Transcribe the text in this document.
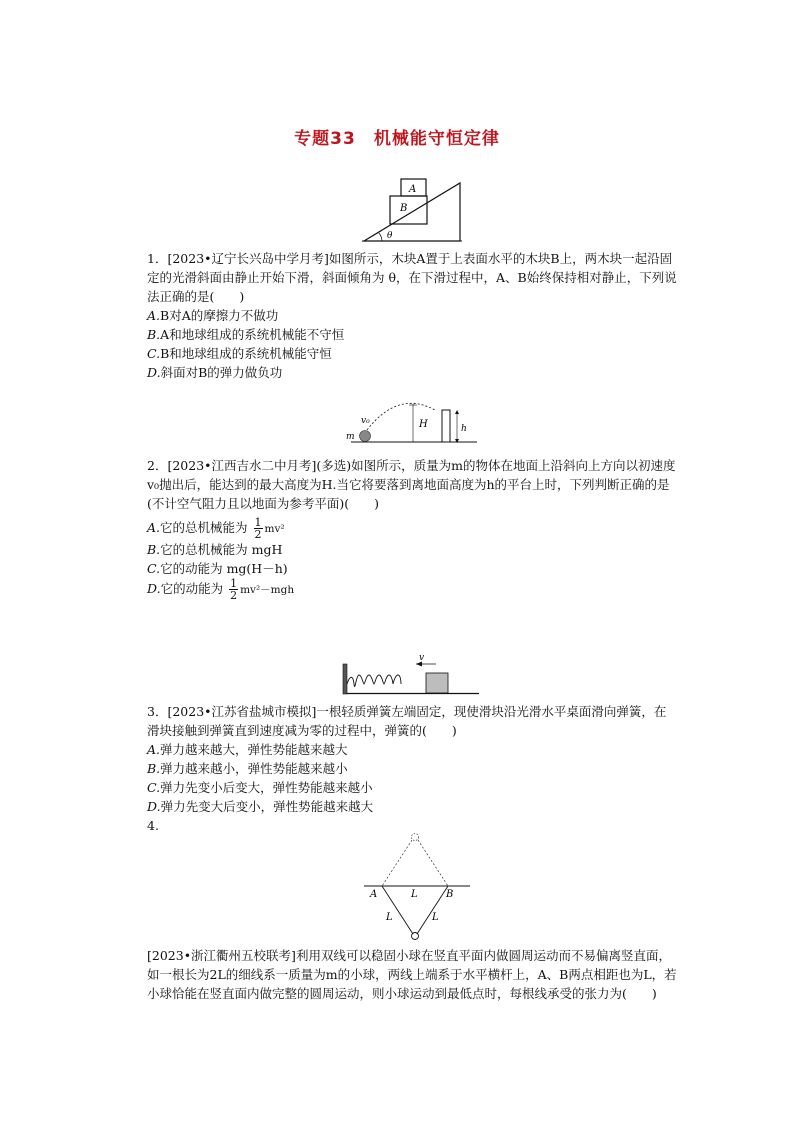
专题33　机械能守恒定律
A
B
θ
1．[2023•辽宁长兴岛中学月考]如图所示，木块A置于上表面水平的木块B上，两木块一起沿固定的光滑斜面由静止开始下滑，斜面倾角为 θ，在下滑过程中，A、B始终保持相对静止，下列说法正确的是(　　)
A.B对A的摩擦力不做功
B.A和地球组成的系统机械能不守恒
C.B和地球组成的系统机械能守恒
D.斜面对B的弹力做负功
v₀
m
H	h
2．[2023•江西吉水二中月考](多选)如图所示，质量为m的物体在地面上沿斜向上方向以初速度v₀抛出后，能达到的最大高度为H.当它将要落到离地面高度为h的平台上时，下列判断正确的是(不计空气阻力且以地面为参考平面)(　　)
A.它的总机械能为 $\frac{1}{2} mv^2$
B.它的总机械能为 mgH
C.它的动能为 mg(H－h)
D.它的动能为 $\frac{1}{2} mv^2-mgh$
v
3．[2023•江苏省盐城市模拟]一根轻质弹簧左端固定，现使滑块沿光滑水平桌面滑向弹簧，在滑块接触到弹簧直到速度减为零的过程中，弹簧的(　　)
A.弹力越来越大，弹性势能越来越大
B.弹力越来越小，弹性势能越来越小
C.弹力先变小后变大，弹性势能越来越小
D.弹力先变大后变小，弹性势能越来越大
4.
A	B
L
L	L
[2023•浙江衢州五校联考]利用双线可以稳固小球在竖直平面内做圆周运动而不易偏离竖直面，如一根长为2L的细线系一质量为m的小球，两线上端系于水平横杆上，A、B两点相距也为L，若小球恰能在竖直面内做完整的圆周运动，则小球运动到最低点时，每根线承受的张力为(　　)
